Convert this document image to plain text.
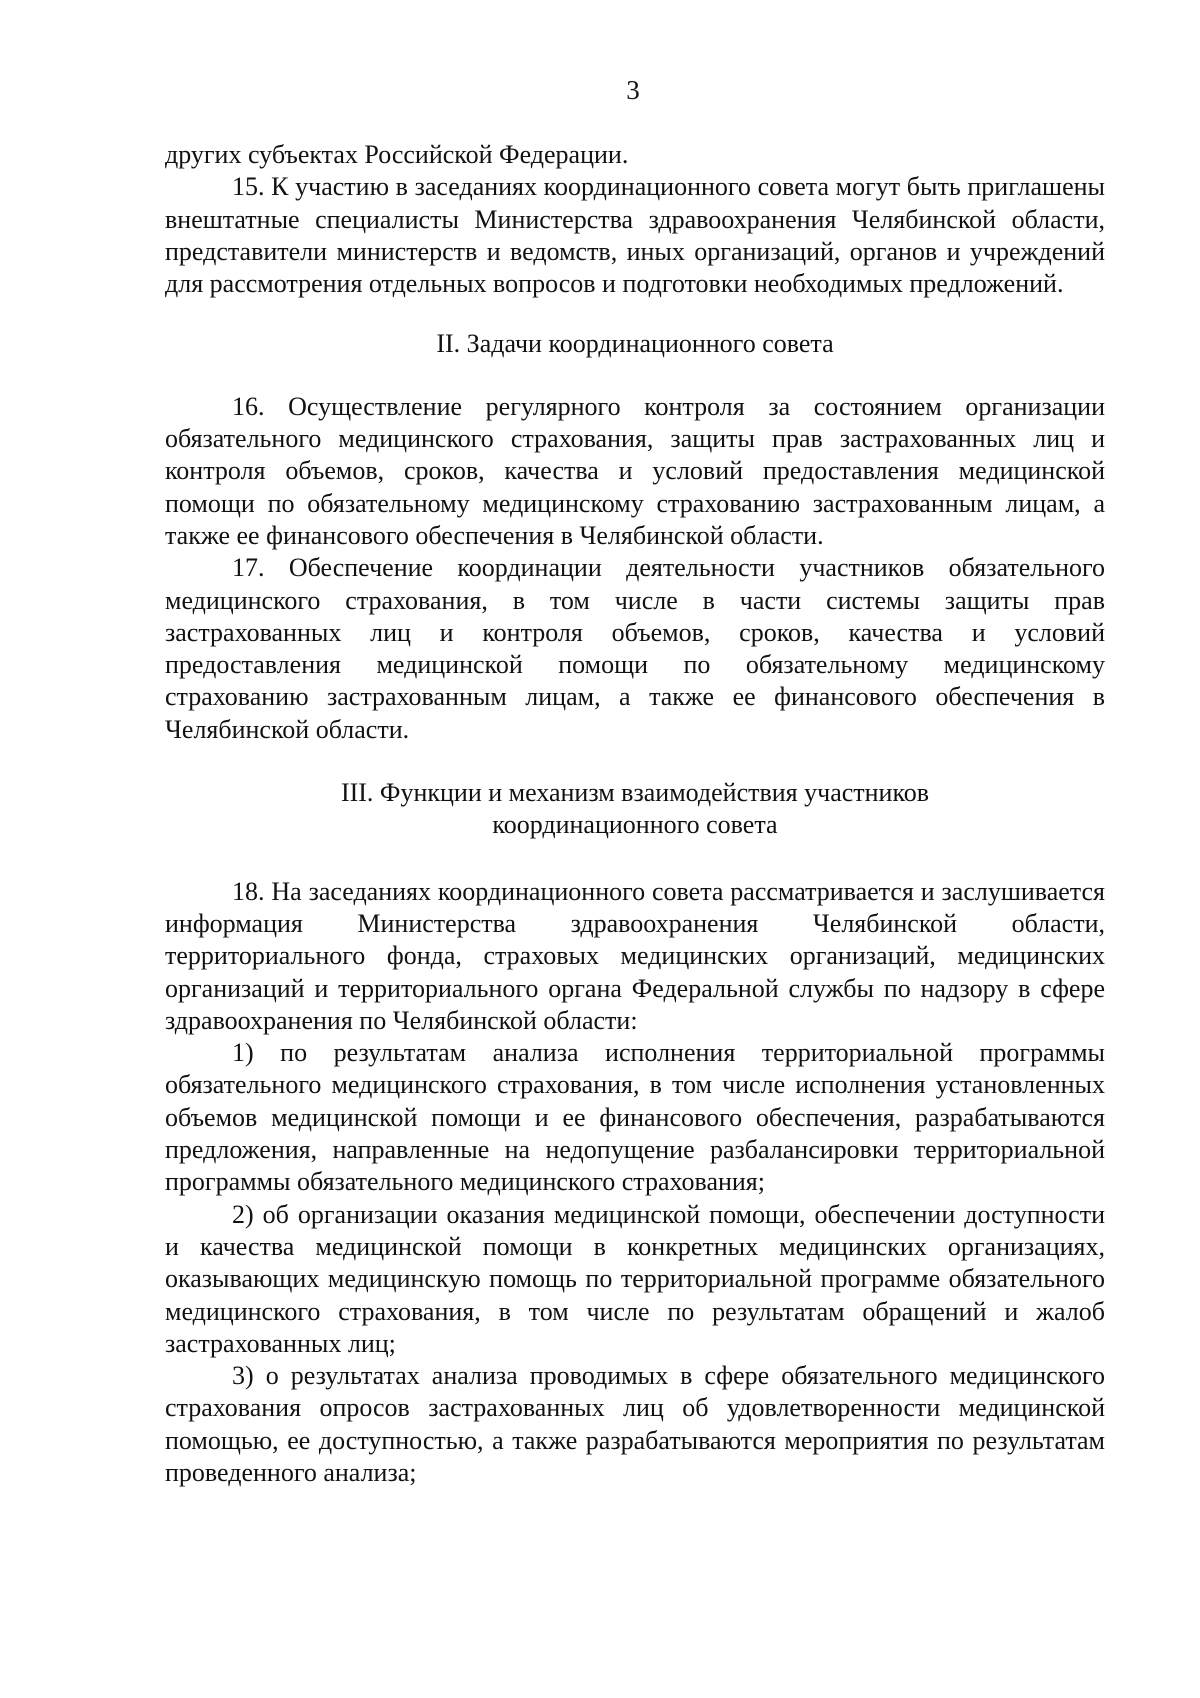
3

других субъектах Российской Федерации.

15. К участию в заседаниях координационного совета могут быть приглашены внештатные специалисты Министерства здравоохранения Челябинской области, представители министерств и ведомств, иных организаций, органов и учреждений для рассмотрения отдельных вопросов и подготовки необходимых предложений.

II. Задачи координационного совета

16. Осуществление регулярного контроля за состоянием организации обязательного медицинского страхования, защиты прав застрахованных лиц и контроля объемов, сроков, качества и условий предоставления медицинской помощи по обязательному медицинскому страхованию застрахованным лицам, а также ее финансового обеспечения в Челябинской области.

17. Обеспечение координации деятельности участников обязательного медицинского страхования, в том числе в части системы защиты прав застрахованных лиц и контроля объемов, сроков, качества и условий предоставления медицинской помощи по обязательному медицинскому страхованию застрахованным лицам, а также ее финансового обеспечения в Челябинской области.

III. Функции и механизм взаимодействия участников
координационного совета

18. На заседаниях координационного совета рассматривается и заслушивается информация Министерства здравоохранения Челябинской области, территориального фонда, страховых медицинских организаций, медицинских организаций и территориального органа Федеральной службы по надзору в сфере здравоохранения по Челябинской области:

1) по результатам анализа исполнения территориальной программы обязательного медицинского страхования, в том числе исполнения установленных объемов медицинской помощи и ее финансового обеспечения, разрабатываются предложения, направленные на недопущение разбалансировки территориальной программы обязательного медицинского страхования;

2) об организации оказания медицинской помощи, обеспечении доступности и качества медицинской помощи в конкретных медицинских организациях, оказывающих медицинскую помощь по территориальной программе обязательного медицинского страхования, в том числе по результатам обращений и жалоб застрахованных лиц;

3) о результатах анализа проводимых в сфере обязательного медицинского страхования опросов застрахованных лиц об удовлетворенности медицинской помощью, ее доступностью, а также разрабатываются мероприятия по результатам проведенного анализа;
